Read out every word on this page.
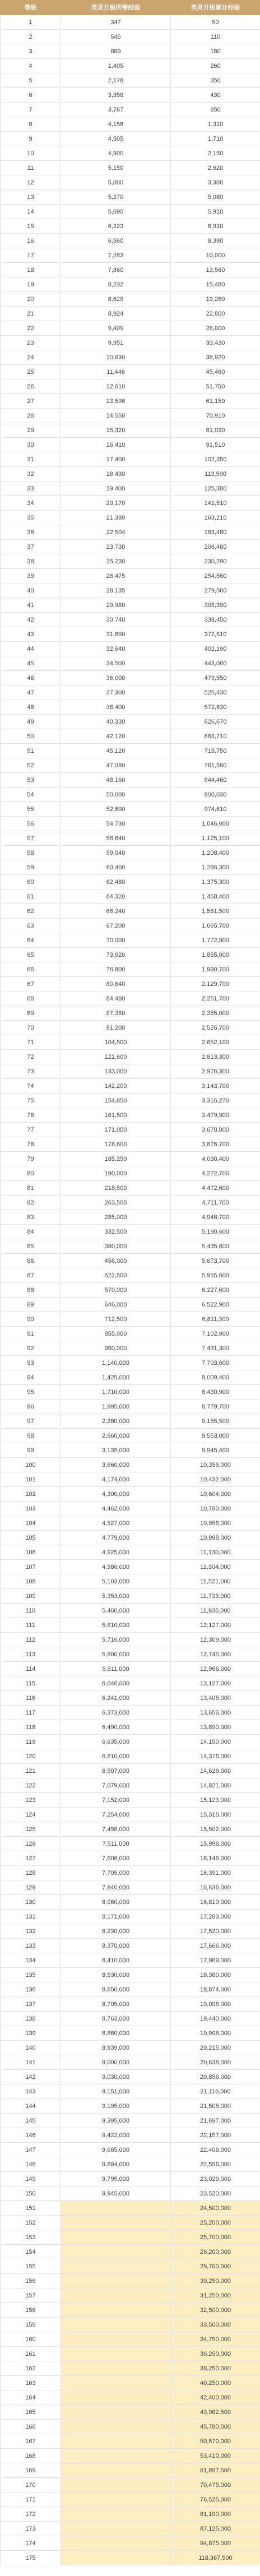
等级	英灵升级所需经验	英灵升级累计经验
1	347	50
2	545	110
3	889	180
4	1,405	260
5	2,178	350
6	3,358	430
7	3,767	850
8	4,158	1,310
9	4,505	1,710
10	4,900	2,150
11	5,150	2,620
12	5,000	3,300
13	5,270	5,080
14	5,690	5,910
15	6,223	6,910
16	6,560	8,390
17	7,283	10,000
18	7,860	13,560
19	8,232	15,480
20	8,629	19,260
21	8,924	22,800
22	9,409	28,000
23	9,951	33,430
24	10,630	38,920
25	11,446	45,460
26	12,610	51,750
27	13,598	61,150
28	14,550	70,910
29	15,320	81,030
30	16,410	91,510
31	17,400	102,350
32	18,430	113,590
33	19,400	125,380
34	20,170	141,510
35	21,380	163,210
36	22,504	183,480
37	23,730	206,480
38	25,230	230,290
39	26,475	254,560
40	28,135	279,560
41	29,980	305,390
42	30,740	338,450
43	31,600	372,510
44	32,640	402,190
45	34,500	443,060
46	36,000	479,550
47	37,300	525,430
48	38,400	572,630
49	40,330	626,670
50	42,120	663,710
51	45,120	715,750
52	47,080	761,590
53	48,160	844,460
54	50,000	900,030
55	52,800	974,610
56	54,730	1,046,000
57	56,640	1,125,100
58	59,040	1,208,400
59	60,400	1,296,300
60	62,480	1,375,300
61	64,320	1,458,400
62	66,240	1,561,500
63	67,200	1,665,700
64	70,000	1,772,900
65	73,920	1,885,000
66	76,800	1,990,700
67	80,640	2,129,700
68	84,480	2,251,700
69	87,360	2,385,000
70	91,200	2,526,700
71	104,500	2,652,100
72	121,600	2,813,300
73	133,000	2,976,300
74	142,200	3,143,700
75	154,850	3,316,270
76	161,500	3,479,900
77	171,000	3,670,800
78	178,600	3,876,700
79	185,250	4,030,400
80	190,000	4,272,700
81	218,500	4,472,600
82	263,500	4,711,700
83	285,000	4,948,700
84	332,500	5,190,600
85	380,000	5,435,600
86	456,000	5,673,700
87	522,500	5,955,600
88	570,000	6,227,600
89	646,000	6,522,900
90	712,500	6,811,300
91	855,000	7,102,900
92	950,000	7,431,300
93	1,140,000	7,703,600
94	1,425,000	8,009,400
95	1,710,000	8,430,900
96	1,995,000	8,779,700
97	2,280,000	9,155,500
98	2,660,000	9,553,000
99	3,135,000	9,945,400
100	3,660,000	10,356,000
101	4,174,000	10,432,000
102	4,300,000	10,604,000
103	4,462,000	10,780,000
104	4,527,000	10,956,000
105	4,779,000	10,998,000
106	4,925,000	11,130,000
107	4,986,000	11,304,000
108	5,103,000	11,521,000
109	5,353,000	11,733,000
110	5,460,000	11,935,000
111	5,610,000	12,127,000
112	5,716,000	12,309,000
113	5,800,000	12,745,000
114	5,911,000	12,966,000
115	6,046,000	13,127,000
116	6,241,000	13,405,000
117	6,373,000	13,653,000
118	6,490,000	13,890,000
119	6,635,000	14,150,000
120	6,810,000	14,376,000
121	6,907,000	14,626,000
122	7,079,000	14,821,000
123	7,152,000	15,123,000
124	7,254,000	15,318,000
125	7,458,000	15,502,000
126	7,511,000	15,998,000
127	7,608,000	16,148,000
128	7,705,000	16,391,000
129	7,940,000	16,636,000
130	8,060,000	16,819,000
131	8,171,000	17,283,000
132	8,230,000	17,520,000
133	8,370,000	17,666,000
134	8,410,000	17,989,000
135	8,530,000	18,380,000
136	8,650,000	18,874,000
137	8,705,000	19,098,000
138	8,763,000	19,440,000
139	8,860,000	19,998,000
140	8,939,000	20,215,000
141	9,000,000	20,638,000
142	9,030,000	20,856,000
143	9,151,000	21,116,000
144	9,195,000	21,505,000
145	9,395,000	21,697,000
146	9,422,000	22,157,000
147	9,685,000	22,408,000
148	9,694,000	22,556,000
149	9,795,000	23,029,000
150	9,945,000	23,520,000
151		24,500,000
152		25,200,000
153		25,700,000
154		26,200,000
155		29,700,000
156		30,250,000
157		31,250,000
158		32,500,000
159		33,500,000
160		34,750,000
161		36,250,000
162		38,250,000
163		40,250,000
164		42,400,000
165		43,982,500
166		45,780,000
167		50,570,000
168		53,410,000
169		61,897,500
170		70,475,000
171		76,525,000
172		81,190,000
173		87,125,000
174		94,875,000
175		118,367,500
